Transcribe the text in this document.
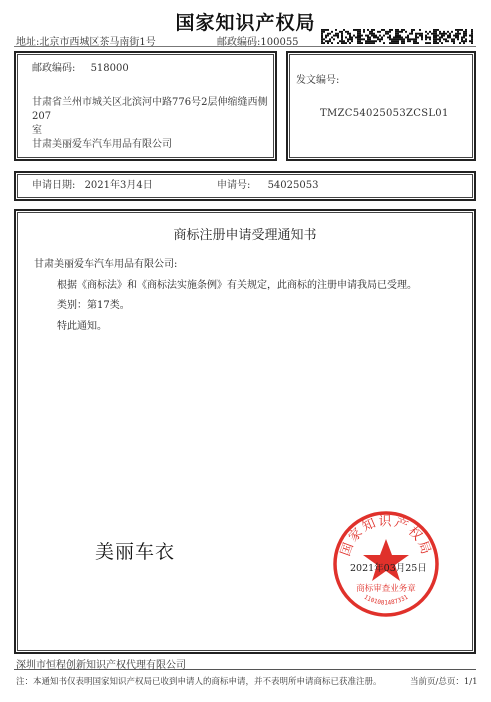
国家知识产权局
地址:北京市西城区茶马南街1号	邮政编码:100055
邮政编码: 518000
甘肃省兰州市城关区北滨河中路776号2层伸缩缝西侧207
室
甘肃美丽爱车汽车用品有限公司
发文编号:
TMZC54025053ZCSL01
申请日期: 2021年3月4日	申请号: 54025053
商标注册申请受理通知书
甘肃美丽爱车汽车用品有限公司:
根据《商标法》和《商标法实施条例》有关规定，此商标的注册申请我局已受理。
类别：第17类。
特此通知。
美丽车衣	国家知识产权局
商标审查业务章
1101081487331
2021年03月25日
深圳市恒程创新知识产权代理有限公司
注：本通知书仅表明国家知识产权局已收到申请人的商标申请，并不表明所申请商标已获准注册。	当前页/总页：1/1
